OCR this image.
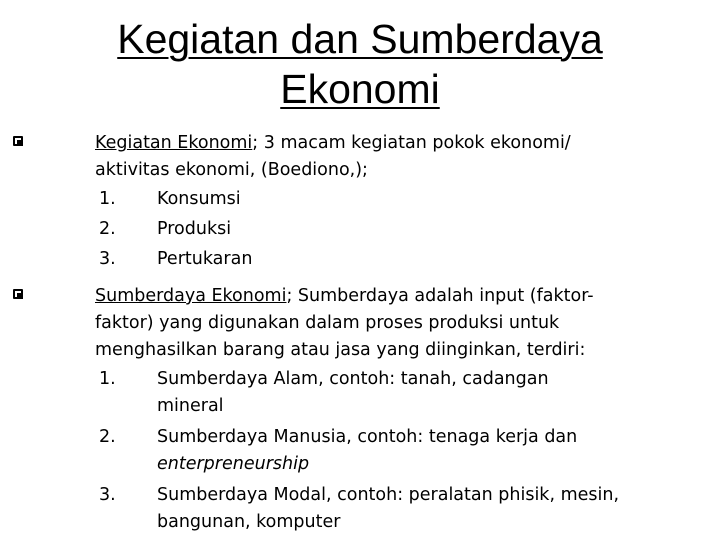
Kegiatan dan Sumberdaya
Ekonomi
Kegiatan Ekonomi; 3 macam kegiatan pokok ekonomi/
aktivitas ekonomi, (Boediono,);
1. Konsumsi
2. Produksi
3. Pertukaran
Sumberdaya Ekonomi; Sumberdaya adalah input (faktor-
faktor) yang digunakan dalam proses produksi untuk
menghasilkan barang atau jasa yang diinginkan, terdiri:
1. Sumberdaya Alam, contoh: tanah, cadangan
mineral
2. Sumberdaya Manusia, contoh: tenaga kerja dan
enterpreneurship
3. Sumberdaya Modal, contoh: peralatan phisik, mesin,
bangunan, komputer
